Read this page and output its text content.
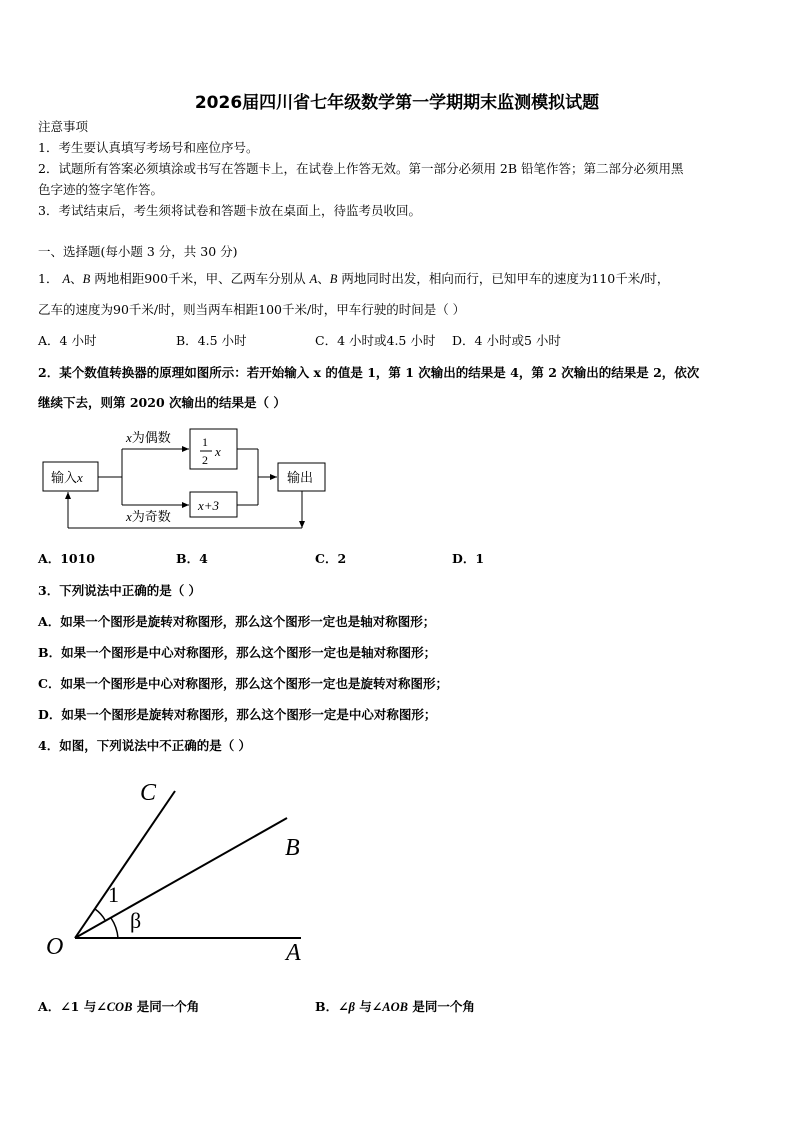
2026届四川省七年级数学第一学期期末监测模拟试题
注意事项
1．考生要认真填写考场号和座位序号。
2．试题所有答案必须填涂或书写在答题卡上，在试卷上作答无效。第一部分必须用 2B 铅笔作答；第二部分必须用黑
色字迹的签字笔作答。
3．考试结束后，考生须将试卷和答题卡放在桌面上，待监考员收回。
一、选择题(每小题 3 分，共 30 分)
1． A、B 两地相距900千米，甲、乙两车分别从 A、B 两地同时出发，相向而行，已知甲车的速度为110千米/时，
乙车的速度为90千米/时，则当两车相距100千米/时，甲车行驶的时间是（ ）
A．4 小时	B．4.5 小时	C．4 小时或4.5 小时 D．4 小时或5 小时
2．某个数值转换器的原理如图所示：若开始输入 x 的值是 1，第 1 次输出的结果是 4，第 2 次输出的结果是 2，依次
继续下去，则第 2020 次输出的结果是（ ）
输入x
x为偶数
x为奇数
1
2
x
x+3
输出
A．1010	B．4	C．2	D．1
3．下列说法中正确的是（ ）
A．如果一个图形是旋转对称图形，那么这个图形一定也是轴对称图形；
B．如果一个图形是中心对称图形，那么这个图形一定也是轴对称图形；
C．如果一个图形是中心对称图形，那么这个图形一定也是旋转对称图形；
D．如果一个图形是旋转对称图形，那么这个图形一定是中心对称图形；
4．如图，下列说法中不正确的是（ ）
C
B
O	A
1
β
A．∠1 与∠COB 是同一个角	B．∠β 与∠AOB 是同一个角
